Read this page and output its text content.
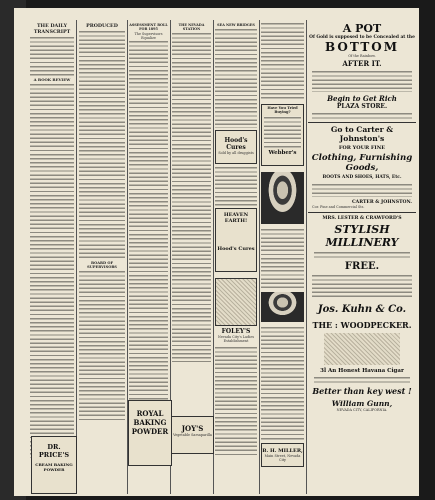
THE DAILY TRANSCRIPT
A BOOK REVIEW
PRODUCED
BOARD OF SUPERVISORS
ASSESSMENT ROLL FOR 1895
The Supervisors Equalize
THE NEVADA STATION
DR. PRICE'S
CREAM BAKING POWDER
ROYAL
BAKING
POWDER	JOY'S
Vegetable Sarsaparilla
SEA NEW BRIDGES
Hood's Cures
Sold by all druggists
HEAVEN
EARTH!
Hood's Cures
FOLEY'S
Nevada City's Ladies Establishment
Have You Tried Buying?
Webber's
B. H. MILLER,
Main Street, Nevada City
A POT
Of Gold is supposed to be Concealed at the
BOTTOM
Of the Rainbow.
AFTER IT.
Begin to Get Rich
PLAZA STORE.
Go to Carter & Johnston's
FOR YOUR FINE
Clothing, Furnishing Goods,
BOOTS AND SHOES, HATS, Etc.
CARTER & JOHNSTON.
Cor. Pine and Commercial Sts.
MRS. LESTER & CRAWFORD'S
STYLISH MILLINERY
FREE.
Jos. Kuhn & Co.
THE : WOODPECKER.
3l An Honest Havana Cigar
Better than key west !
William Gunn,
NEVADA CITY, CALIFORNIA.
